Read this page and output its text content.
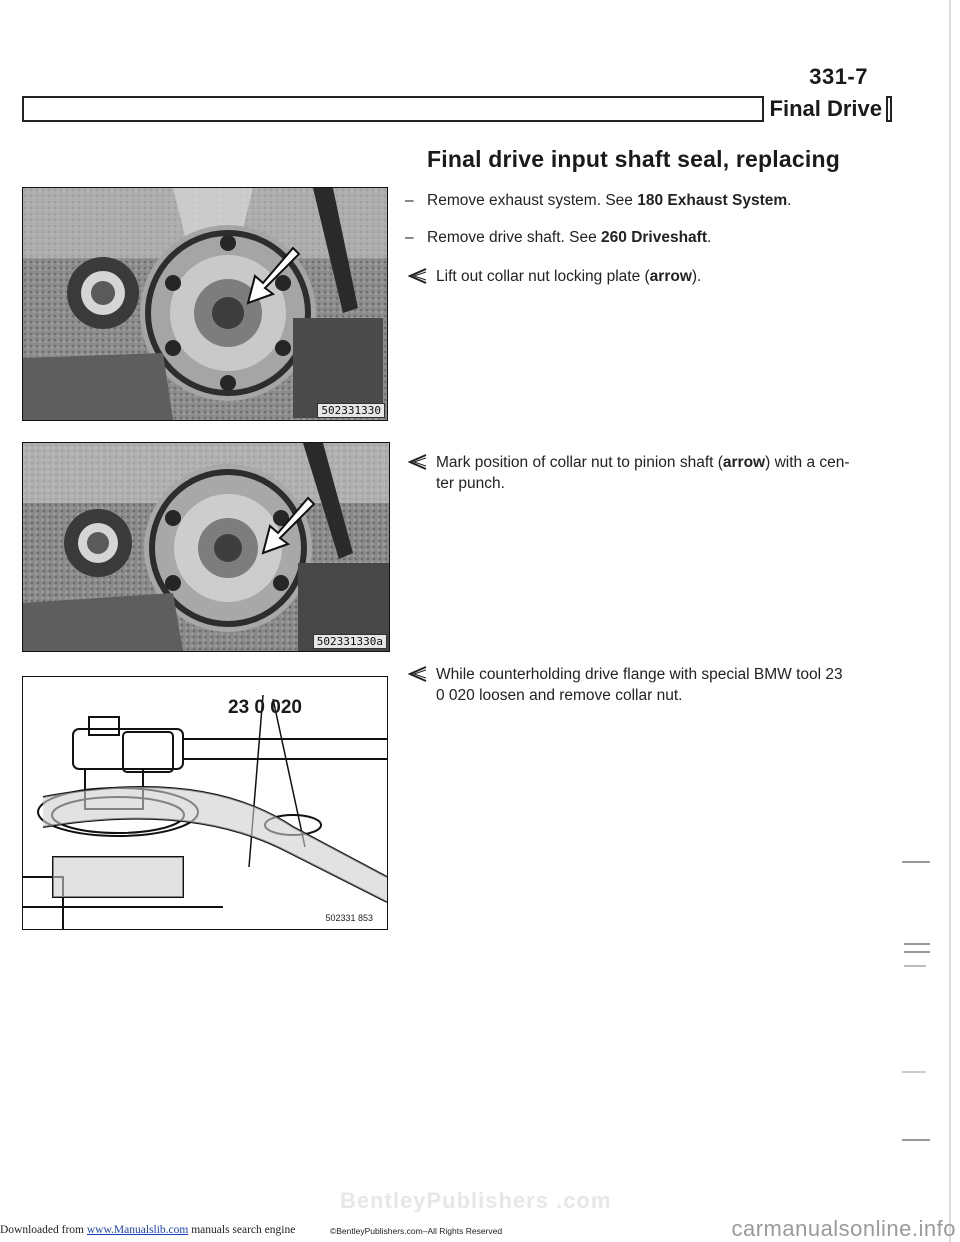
331-7
Final Drive
Final drive input shaft seal, replacing
– Remove exhaust system. See 180 Exhaust System.
– Remove drive shaft. See 260 Driveshaft.
Lift out collar nut locking plate (arrow).
Mark position of collar nut to pinion shaft (arrow) with a cen-
ter punch.
While counterholding drive flange with special BMW tool 23
0 020 loosen and remove collar nut.
502331330
502331330a
23 0 020
502331 853
BentleyPublishers .com
Downloaded from www.Manualslib.com manuals search engine	©BentleyPublishers.com–All Rights Reserved	carmanualsonline.info
